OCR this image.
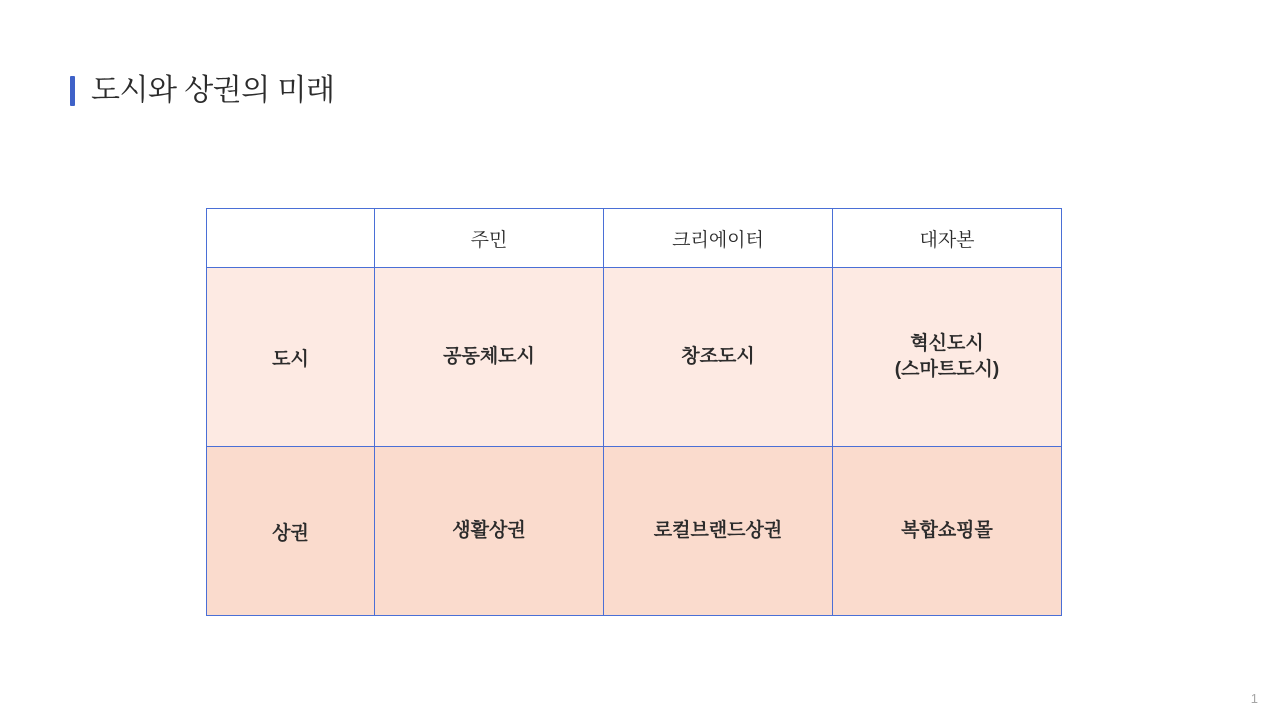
도시와 상권의 미래
	주민	크리에이터	대자본
도시	공동체도시	창조도시	혁신도시
(스마트도시)

상권	생활상권	로컬브랜드상권	복합쇼핑몰
1
